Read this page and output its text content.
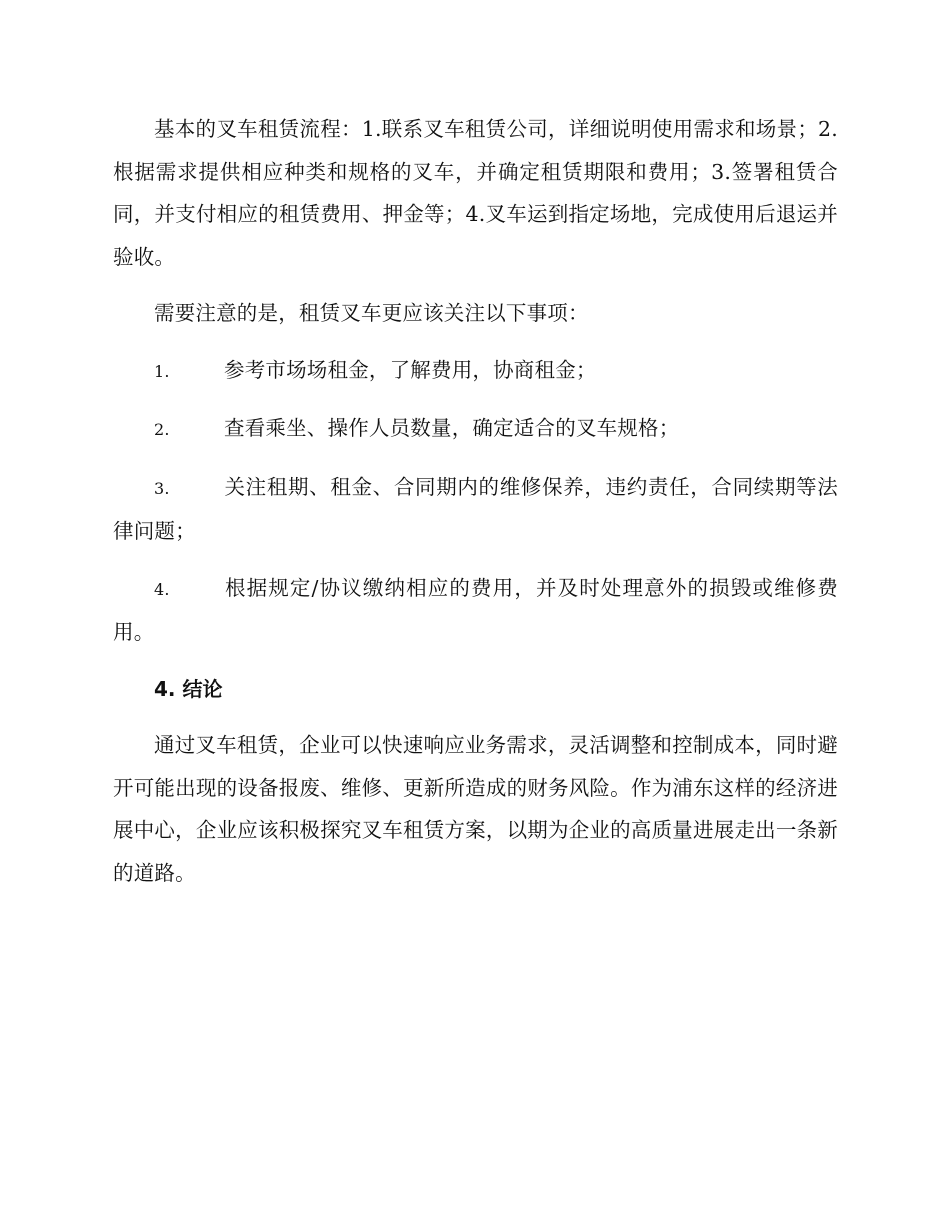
基本的叉车租赁流程：1.联系叉车租赁公司，详细说明使用需求和场景；2.根据需求提供相应种类和规格的叉车，并确定租赁期限和费用；3.签署租赁合同，并支付相应的租赁费用、押金等；4.叉车运到指定场地，完成使用后退运并验收。

需要注意的是，租赁叉车更应该关注以下事项：

1.	参考市场场租金，了解费用，协商租金；

2.	查看乘坐、操作人员数量，确定适合的叉车规格；

3.	关注租期、租金、合同期内的维修保养，违约责任，合同续期等法律问题；

4.	根据规定/协议缴纳相应的费用，并及时处理意外的损毁或维修费用。

4. 结论

通过叉车租赁，企业可以快速响应业务需求，灵活调整和控制成本，同时避开可能出现的设备报废、维修、更新所造成的财务风险。作为浦东这样的经济进展中心，企业应该积极探究叉车租赁方案，以期为企业的高质量进展走出一条新的道路。
